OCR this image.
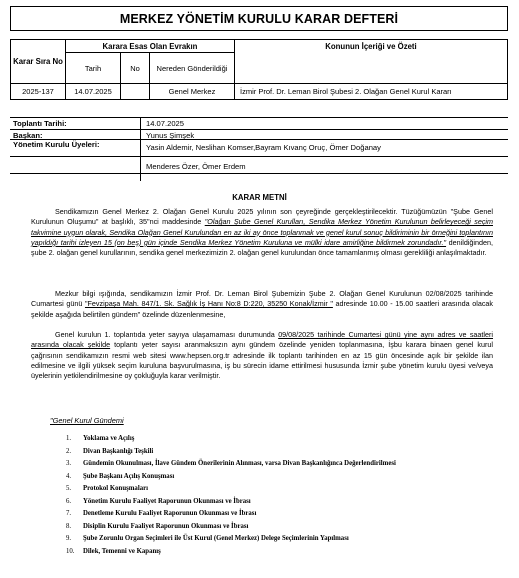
MERKEZ YÖNETİM KURULU KARAR DEFTERİ
Karar Sıra No	Karara Esas Olan Evrakın			Konunun İçeriği ve Özeti
	Tarih	No	Nereden Gönderildiği	
2025-137	14.07.2025		Genel Merkez	İzmir Prof. Dr. Leman Birol Şubesi 2. Olağan Genel Kurul Kararı
Toplantı Tarihi:	14.07.2025
Başkan:	Yunus Şimşek
Yönetim Kurulu Üyeleri:	Yasin Aldemir, Neslihan Komser,Bayram Kıvanç Oruç, Ömer Doğanay
Menderes Özer, Ömer Erdem
KARAR METNİ
Sendikamızın Genel Merkez 2. Olağan Genel Kurulu 2025 yılının son çeyreğinde gerçekleştirilecektir. Tüzüğümüzün "Şube Genel Kurulunun Oluşumu" at başlıklı, 35"nci maddesinde "Olağan Şube Genel Kurulları, Sendika Merkez Yönetim Kurulunun belirleyeceği seçim takvimine uygun olarak, Sendika Olağan Genel Kurulundan en az iki ay önce toplanmak ve genel kurul sonuç bildiriminin bir örneğini toplantının yapıldığı tarihi izleyen 15 (on beş) gün içinde Sendika Merkez Yönetim Kuruluna ve mülki idare amirliğine bildirmek zorundadır." denildiğinden, şube 2. olağan genel kurullarının, sendika genel merkezimizin 2. olağan genel kurulundan önce tamamlanmış olması gerekliliği anlaşılmaktadır.
Mezkur bilgi ışığında, sendikamızın İzmir Prof. Dr. Leman Birol Şubemizin Şube 2. Olağan Genel Kurulunun 02/08/2025 tarihinde Cumartesi günü "Fevzipaşa Mah. 847/1. Sk. Sağlık İş Hanı No:8 D:220, 35250 Konak/İzmir " adresinde 10.00 - 15.00 saatleri arasında olacak şekilde aşağıda belirtilen gündem" özelinde düzenlenmesine,
Genel kurulun 1. toplantıda yeter sayıya ulaşamaması durumunda 09/08/2025 tarihinde Cumartesi günü yine aynı adres ve saatleri arasında olacak şekilde toplantı yeter sayısı aranmaksızın aynı gündem özelinde yeniden toplanmasına, İşbu karara binaen genel kurul çağrısının sendikamızın resmi web sitesi www.hepsen.org.tr adresinde ilk toplantı tarihinden en az 15 gün öncesinde açık bir şekilde ilan edilmesine ve ilgili yüksek seçim kuruluna başvurulmasına, iş bu sürecin idame ettirilmesi hususunda İzmir şube yönetim kurulu üyesi ve/veya üyelerinin yetkilendirilmesine oy çokluğuyla karar verilmiştir.
"Genel Kurul Gündemi
1. Yoklama ve Açılış
2. Divan Başkanlığı Teşkili
3. Gündemin Okunulması, İlave Gündem Önerilerinin Alınması, varsa Divan Başkanlığınca Değerlendirilmesi
4. Şube Başkanı Açılış Konuşması
5. Protokol Konuşmaları
6. Yönetim Kurulu Faaliyet Raporunun Okunması ve İbrası
7. Denetleme Kurulu Faaliyet Raporunun Okunması ve İbrası
8. Disiplin Kurulu Faaliyet Raporunun Okunması ve İbrası
9. Şube Zorunlu Organ Seçimleri ile Üst Kurul (Genel Merkez) Delege Seçimlerinin Yapılması
10. Dilek, Temenni ve Kapanış
